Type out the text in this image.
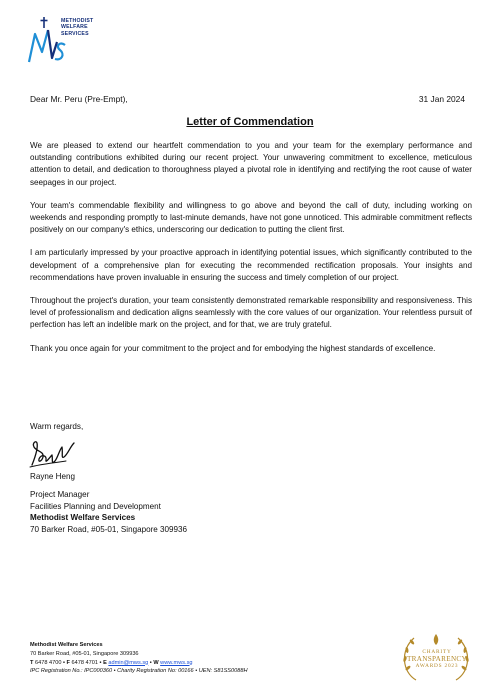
METHODIST
WELFARE
SERVICES
Dear Mr. Peru (Pre-Empt),	31 Jan 2024
Letter of Commendation

We are pleased to extend our heartfelt commendation to you and your team for the exemplary performance and outstanding contributions exhibited during our recent project. Your unwavering commitment to excellence, meticulous attention to detail, and dedication to thoroughness played a pivotal role in identifying and rectifying the root cause of water seepages in our project.

Your team's commendable flexibility and willingness to go above and beyond the call of duty, including working on weekends and responding promptly to last-minute demands, have not gone unnoticed. This admirable commitment reflects positively on our company's ethics, underscoring our dedication to putting the client first.

I am particularly impressed by your proactive approach in identifying potential issues, which significantly contributed to the development of a comprehensive plan for executing the recommended rectification proposals. Your insights and recommendations have proven invaluable in ensuring the success and timely completion of our project.

Throughout the project's duration, your team consistently demonstrated remarkable responsibility and responsiveness. This level of professionalism and dedication aligns seamlessly with the core values of our organization. Your relentless pursuit of perfection has left an indelible mark on the project, and for that, we are truly grateful.

Thank you once again for your commitment to the project and for embodying the highest standards of excellence.

Warm regards,
Rayne Heng
Project Manager
Facilities Planning and Development
Methodist Welfare Services
70 Barker Road, #05-01, Singapore 309936
Methodist Welfare Services
70 Barker Road, #05-01, Singapore 309936
T 6478 4700 • F 6478 4701 • E admin@mws.sg • W www.mws.sg
IPC Registration No.: IPC000360 • Charity Registration No: 00166 • UEN: S81SS0088H
CHARITY
TRANSPARENCY
AWARDS 2023
